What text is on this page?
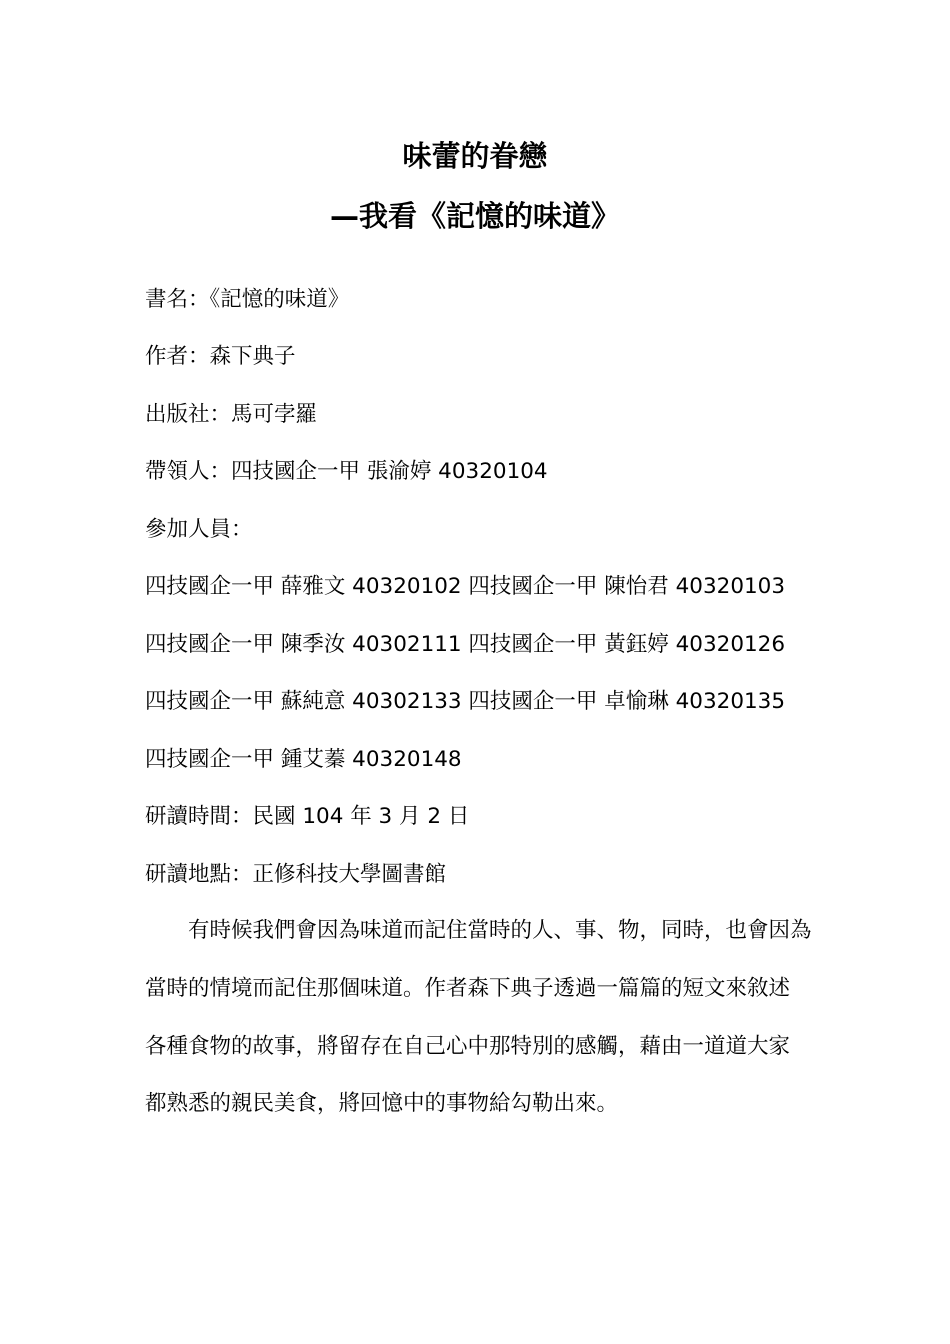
味蕾的眷戀
—我看《記憶的味道》
書名：《記憶的味道》
作者：森下典子
出版社：馬可孛羅
帶領人：四技國企一甲 張渝婷 40320104
參加人員：
四技國企一甲 薛雅文 40320102 四技國企一甲 陳怡君 40320103
四技國企一甲 陳季汝 40302111 四技國企一甲 黃鈺婷 40320126
四技國企一甲 蘇純意 40302133 四技國企一甲 卓愉琳 40320135
四技國企一甲 鍾艾蓁 40320148
研讀時間：民國 104 年 3 月 2 日
研讀地點：正修科技大學圖書館
　　有時候我們會因為味道而記住當時的人、事、物，同時，也會因為
當時的情境而記住那個味道。作者森下典子透過一篇篇的短文來敘述
各種食物的故事，將留存在自己心中那特別的感觸，藉由一道道大家
都熟悉的親民美食，將回憶中的事物給勾勒出來。
